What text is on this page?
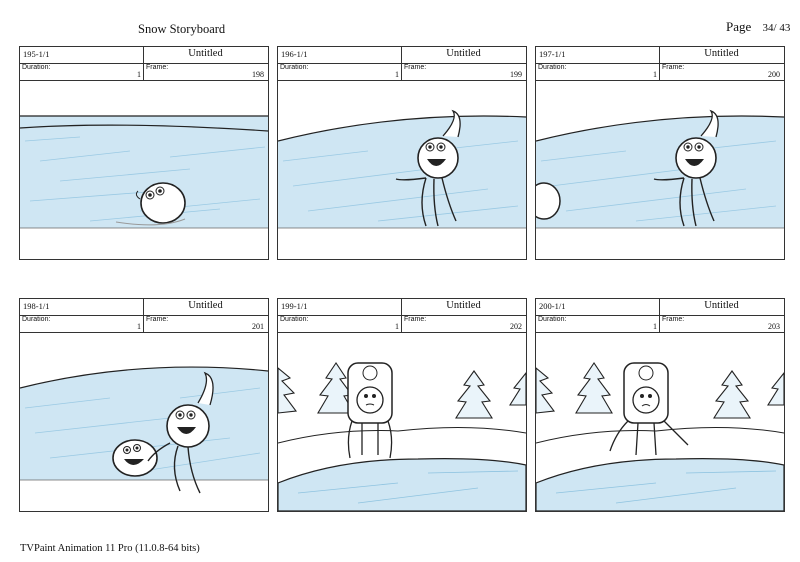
Snow Storyboard	Page 34/ 43
195-1/1	Untitled
Duration:
1
Frame:
198
196-1/1	Untitled
Duration:
1
Frame:
199
197-1/1	Untitled
Duration:
1
Frame:
200
198-1/1	Untitled
Duration:
1
Frame:
201
199-1/1	Untitled
Duration:
1
Frame:
202
200-1/1	Untitled
Duration:
1
Frame:
203
TVPaint Animation 11 Pro (11.0.8-64 bits)
